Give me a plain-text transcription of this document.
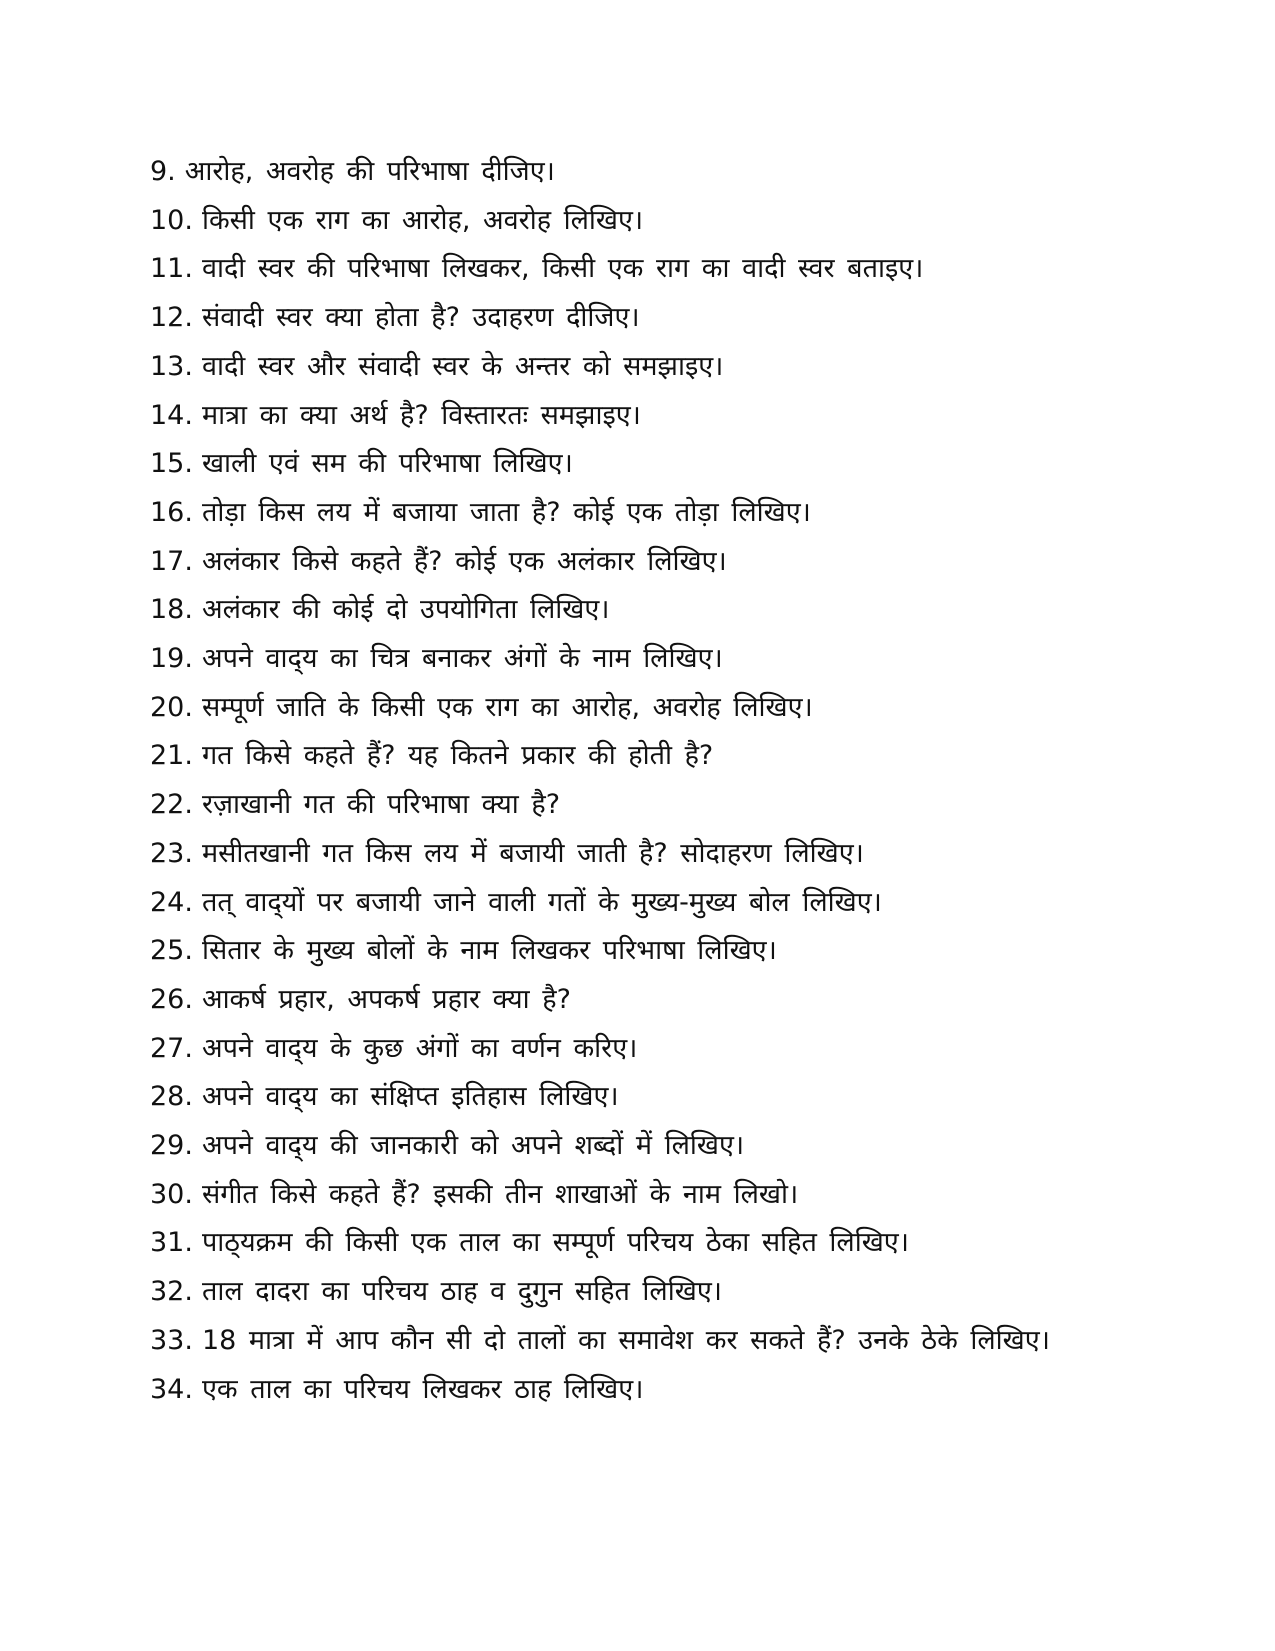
9. आरोह, अवरोह की परिभाषा दीजिए।
10. किसी एक राग का आरोह, अवरोह लिखिए।
11. वादी स्वर की परिभाषा लिखकर, किसी एक राग का वादी स्वर बताइए।
12. संवादी स्वर क्या होता है? उदाहरण दीजिए।
13. वादी स्वर और संवादी स्वर के अन्तर को समझाइए।
14. मात्रा का क्या अर्थ है? विस्तारतः समझाइए।
15. खाली एवं सम की परिभाषा लिखिए।
16. तोड़ा किस लय में बजाया जाता है? कोई एक तोड़ा लिखिए।
17. अलंकार किसे कहते हैं? कोई एक अलंकार लिखिए।
18. अलंकार की कोई दो उपयोगिता लिखिए।
19. अपने वाद्‌य का चित्र बनाकर अंगों के नाम लिखिए।
20. सम्पूर्ण जाति के किसी एक राग का आरोह, अवरोह लिखिए।
21. गत किसे कहते हैं? यह कितने प्रकार की होती है?
22. रज़ाखानी गत की परिभाषा क्या है?
23. मसीतखानी गत किस लय में बजायी जाती है? सोदाहरण लिखिए।
24. तत् वाद्‌यों पर बजायी जाने वाली गतों के मुख्य-मुख्य बोल लिखिए।
25. सितार के मुख्य बोलों के नाम लिखकर परिभाषा लिखिए।
26. आकर्ष प्रहार, अपकर्ष प्रहार क्या है?
27. अपने वाद्‌य के कुछ अंगों का वर्णन करिए।
28. अपने वाद्‌य का संक्षिप्त इतिहास लिखिए।
29. अपने वाद्‌य की जानकारी को अपने शब्दों में लिखिए।
30. संगीत किसे कहते हैं? इसकी तीन शाखाओं के नाम लिखो।
31. पाठ्‌यक्रम की किसी एक ताल का सम्पूर्ण परिचय ठेका सहित लिखिए।
32. ताल दादरा का परिचय ठाह व दुगुन सहित लिखिए।
33. 18 मात्रा में आप कौन सी दो तालों का समावेश कर सकते हैं? उनके ठेके लिखिए।
34. एक ताल का परिचय लिखकर ठाह लिखिए।
